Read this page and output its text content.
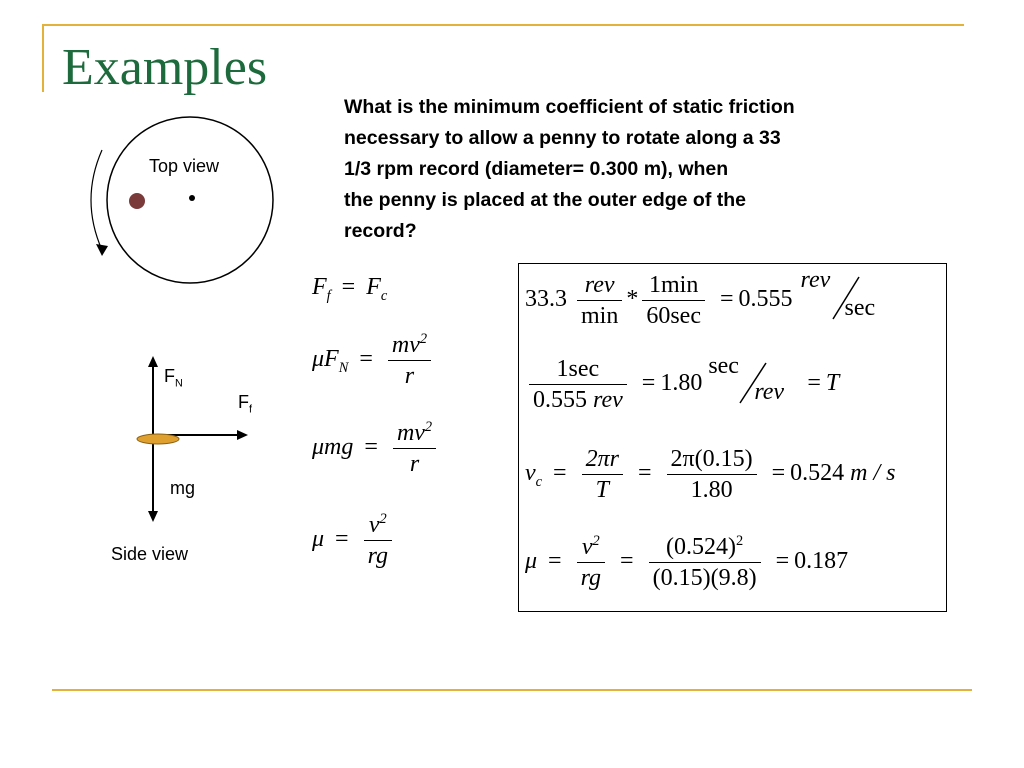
Examples
What is the minimum coefficient of static friction
necessary to allow a penny to rotate along a 33
1/3 rpm record (diameter= 0.300 m), when
the penny is placed at the outer edge of the
record?
Top view
$F_N$
$F_f$
mg
Side view
$F_f = F_c$
$\mu F_N = \frac{mv^2}{r}$
$\mu mg = \frac{mv^2}{r}$
$\mu = \frac{v^2}{rg}$
$33.3 \frac{\text{rev}}{\min} * \frac{1\min}{60\sec} = 0.555$
rev
sec
$\frac{1\sec}{\text{0.555 rev}} = 1.80$
sec
rev = T
$v_c = \frac{2\pi r}{T} = \frac{2\pi(0.15)}{1.80} = 0.524$ m / s
$\mu = \frac{v^2}{rg} = \frac{(0.524)^2}{(0.15)(9.8)} = 0.187$
